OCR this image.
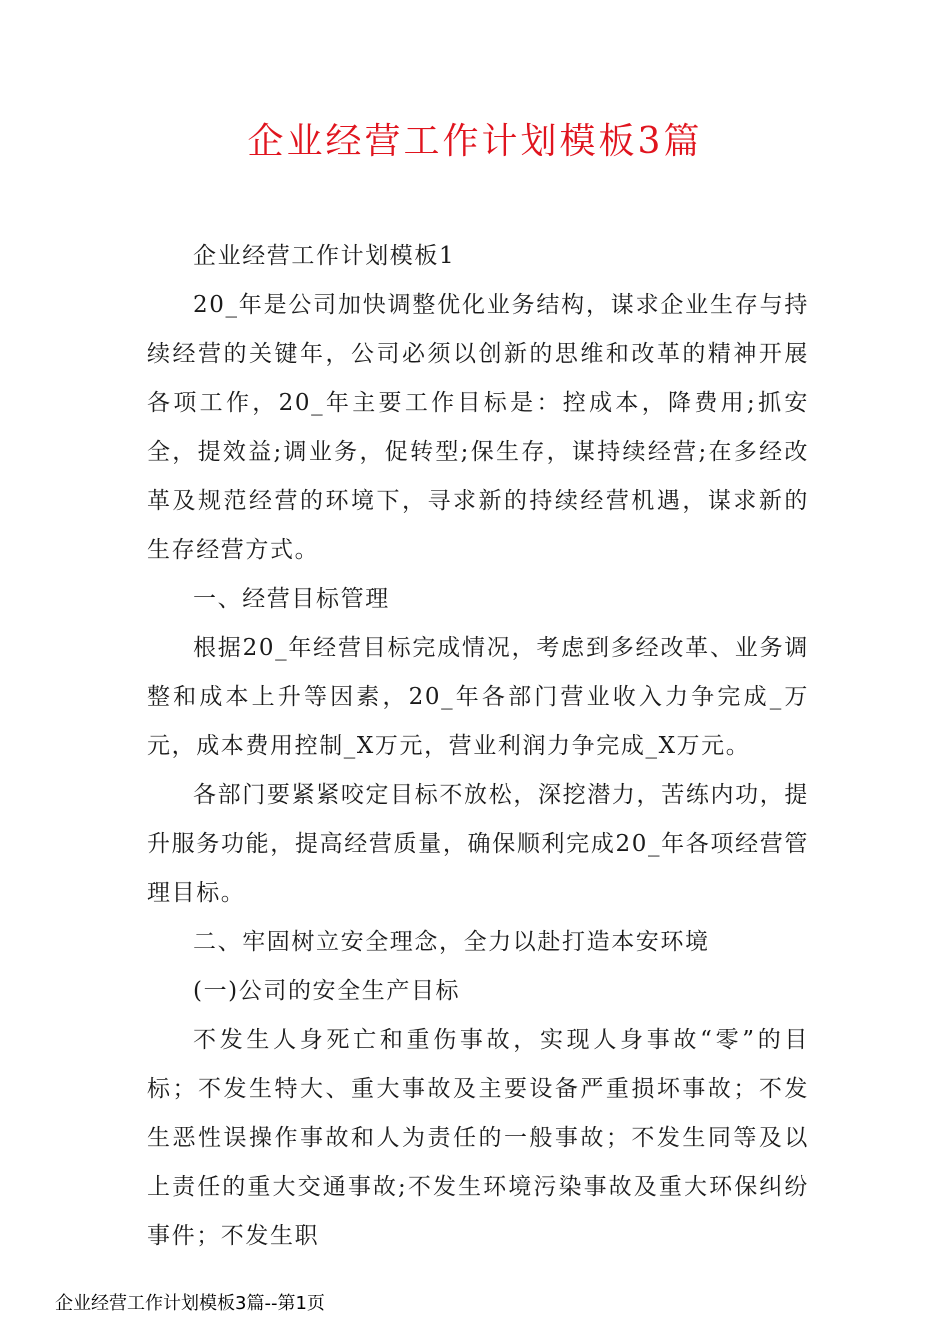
企业经营工作计划模板3篇

企业经营工作计划模板1

20_年是公司加快调整优化业务结构，谋求企业生存与持续经营的关键年，公司必须以创新的思维和改革的精神开展各项工作，20_年主要工作目标是：控成本，降费用;抓安全，提效益;调业务，促转型;保生存，谋持续经营;在多经改革及规范经营的环境下，寻求新的持续经营机遇，谋求新的生存经营方式。

一、经营目标管理

根据20_年经营目标完成情况，考虑到多经改革、业务调整和成本上升等因素，20_年各部门营业收入力争完成_万元，成本费用控制_X万元，营业利润力争完成_X万元。

各部门要紧紧咬定目标不放松，深挖潜力，苦练内功，提升服务功能，提高经营质量，确保顺利完成20_年各项经营管理目标。

二、牢固树立安全理念，全力以赴打造本安环境

(一)公司的安全生产目标

不发生人身死亡和重伤事故，实现人身事故“零”的目标；不发生特大、重大事故及主要设备严重损坏事故；不发生恶性误操作事故和人为责任的一般事故；不发生同等及以上责任的重大交通事故;不发生环境污染事故及重大环保纠纷事件；不发生职

企业经营工作计划模板3篇--第1页
